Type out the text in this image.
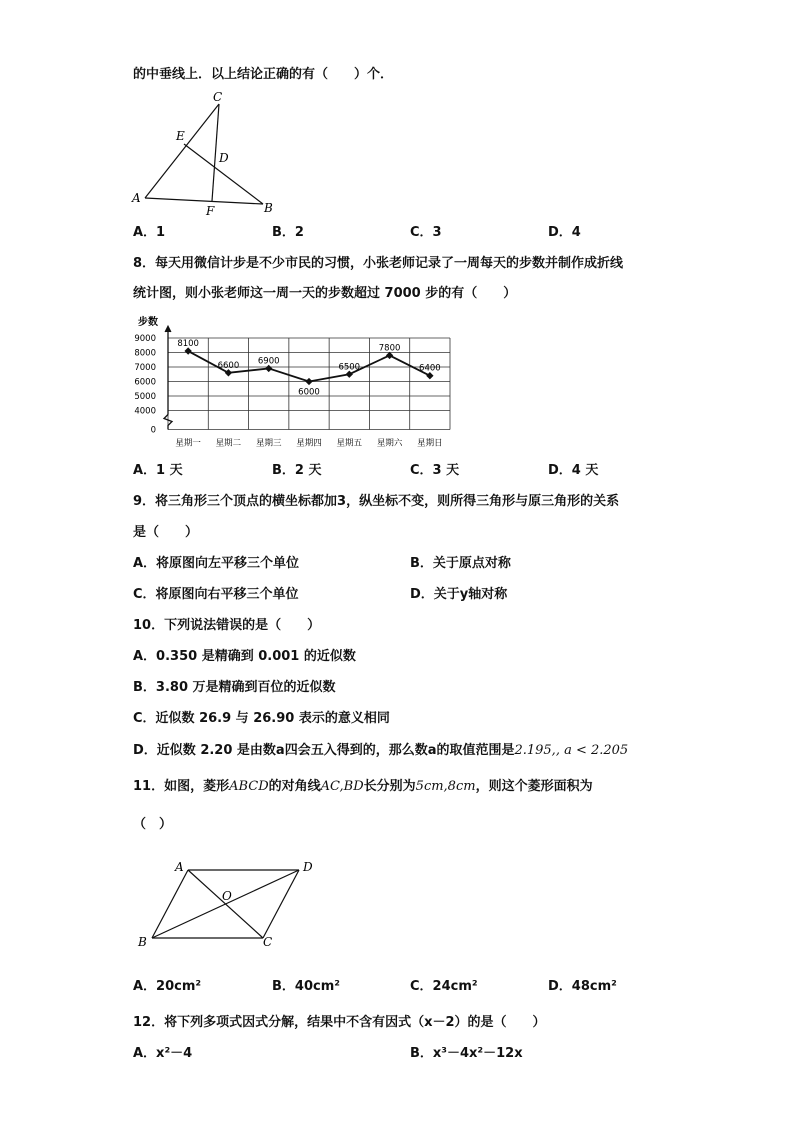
的中垂线上．以上结论正确的有（　　）个．
C
E
D
A
F	B
A．1	B．2	C．3	D．4
8．每天用微信计步是不少市民的习惯，小张老师记录了一周每天的步数并制作成折线
统计图，则小张老师这一周一天的步数超过 7000 步的有（　　）
步数
9000
8000
7000
6000
5000
4000
0
星期一 星期二 星期三 星期四 星期五 星期六 星期日
8100
6600 6900
6000
6500
7800
6400
A．1 天	B．2 天	C．3 天	D．4 天
9．将三角形三个顶点的横坐标都加3，纵坐标不变，则所得三角形与原三角形的关系
是（　　）
A．将原图向左平移三个单位	B．关于原点对称
C．将原图向右平移三个单位	D．关于y轴对称
10．下列说法错误的是（　　）
A．0.350 是精确到 0.001 的近似数
B．3.80 万是精确到百位的近似数
C．近似数 26.9 与 26.90 表示的意义相同
D．近似数 2.20 是由数a四会五入得到的，那么数a的取值范围是2.195,, a < 2.205
11．如图，菱形ABCD的对角线AC,BD长分别为5cm,8cm，则这个菱形面积为
（　）
A	D
O
B	C
A．20cm²	B．40cm²	C．24cm²	D．48cm²
12．将下列多项式因式分解，结果中不含有因式（x－2）的是（　　）
A．x²－4	B．x³－4x²－12x
